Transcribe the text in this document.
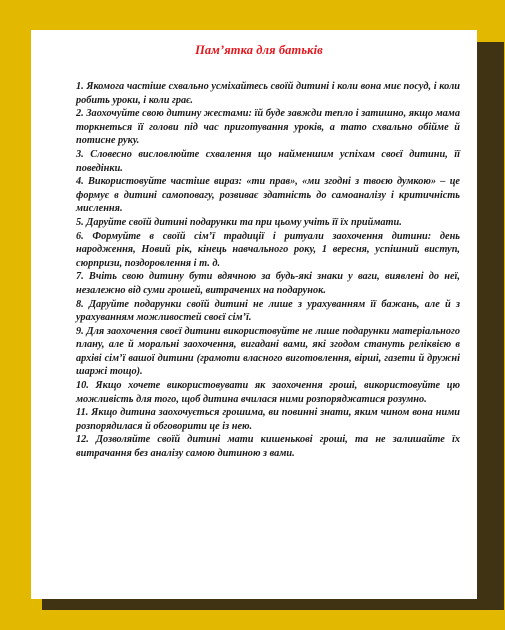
Пам’ятка для батьків
1. Якомога частіше схвально усміхайтесь своїй дитині і коли вона миє посуд, і коли робить уроки, і коли грає.
2. Заохочуйте свою дитину жестами: їй буде завжди тепло і затишно, якщо мама торкнеться її голови під час приготування уроків, а тато схвально обійме й потисне руку.
3. Словесно висловлюйте схвалення що найменшим успіхам своєї дитини, її поведінки.
4. Використовуйте частіше вираз: «ти прав», «ми згодні з твоєю думкою» – це формує в дитині самоповагу, розвиває здатність до самоаналізу і критичність мислення.
5. Даруйте своїй дитині подарунки та при цьому учіть її їх приймати.
6. Формуйте в своїй сім’ї традиції і ритуали заохочення дитини: день народження, Новий рік, кінець навчального року, 1 вересня, успішний виступ, сюрпризи, поздоровлення і т. д.
7. Вчіть свою дитину бути вдячною за будь-які знаки у ваги, виявлені до неї, незалежно від суми грошей, витрачених на подарунок.
8. Даруйте подарунки своїй дитині не лише з урахуванням її бажань, але й з урахуванням можливостей своєї сім’ї.
9. Для заохочення своєї дитини використовуйте не лише подарунки матеріального плану, але й моральні заохочення, вигадані вами, які згодом стануть реліквією в архіві сім’ї вашої дитини (грамоти власного виготовлення, вірші, газети й дружні шаржі тощо).
10. Якщо хочете використовувати як заохочення гроші, використовуйте цю можливість для того, щоб дитина вчилася ними розпоряджатися розумно.
11. Якщо дитина заохочується грошима, ви повинні знати, яким чином вона ними розпорядилася й обговорити це із нею.
12. Дозволяйте своїй дитині мати кишенькові гроші, та не залишайте їх витрачання без аналізу самою дитиною з вами.
